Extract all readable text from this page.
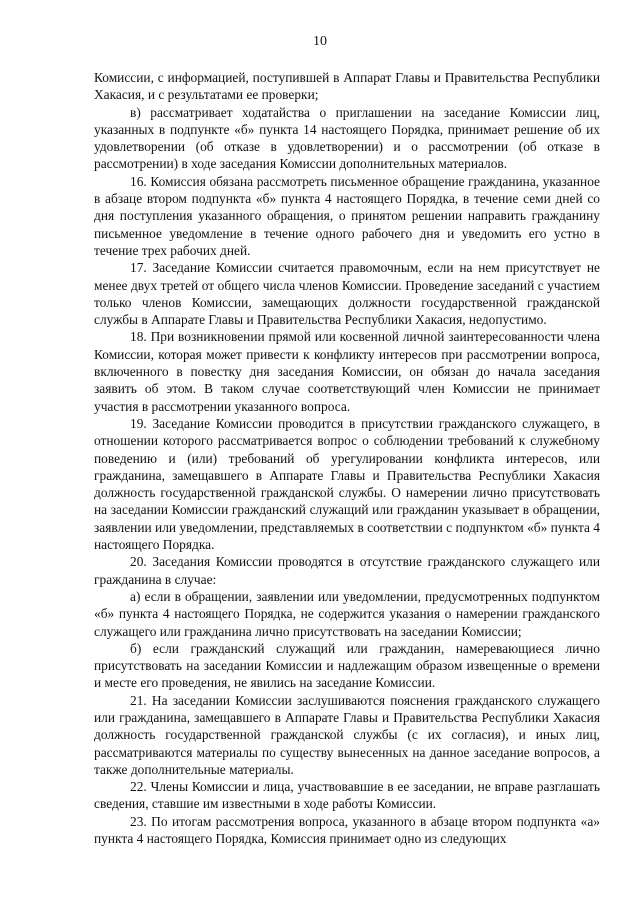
10

Комиссии, с информацией, поступившей в Аппарат Главы и Правительства Республики Хакасия, и с результатами ее проверки;

в) рассматривает ходатайства о приглашении на заседание Комиссии лиц, указанных в подпункте «б» пункта 14 настоящего Порядка, принимает решение об их удовлетворении (об отказе в удовлетворении) и о рассмотрении (об отказе в рассмотрении) в ходе заседания Комиссии дополнительных материалов.

16. Комиссия обязана рассмотреть письменное обращение гражданина, указанное в абзаце втором подпункта «б» пункта 4 настоящего Порядка, в течение семи дней со дня поступления указанного обращения, о принятом решении направить гражданину письменное уведомление в течение одного рабочего дня и уведомить его устно в течение трех рабочих дней.

17. Заседание Комиссии считается правомочным, если на нем присутствует не менее двух третей от общего числа членов Комиссии. Проведение заседаний с участием только членов Комиссии, замещающих должности государственной гражданской службы в Аппарате Главы и Правительства Республики Хакасия, недопустимо.

18. При возникновении прямой или косвенной личной заинтересованности члена Комиссии, которая может привести к конфликту интересов при рассмотрении вопроса, включенного в повестку дня заседания Комиссии, он обязан до начала заседания заявить об этом. В таком случае соответствующий член Комиссии не принимает участия в рассмотрении указанного вопроса.

19. Заседание Комиссии проводится в присутствии гражданского служащего, в отношении которого рассматривается вопрос о соблюдении требований к служебному поведению и (или) требований об урегулировании конфликта интересов, или гражданина, замещавшего в Аппарате Главы и Правительства Республики Хакасия должность государственной гражданской службы. О намерении лично присутствовать на заседании Комиссии гражданский служащий или гражданин указывает в обращении, заявлении или уведомлении, представляемых в соответствии с подпунктом «б» пункта 4 настоящего Порядка.

20. Заседания Комиссии проводятся в отсутствие гражданского служащего или гражданина в случае:

а) если в обращении, заявлении или уведомлении, предусмотренных подпунктом «б» пункта 4 настоящего Порядка, не содержится указания о намерении гражданского служащего или гражданина лично присутствовать на заседании Комиссии;

б) если гражданский служащий или гражданин, намеревающиеся лично присутствовать на заседании Комиссии и надлежащим образом извещенные о времени и месте его проведения, не явились на заседание Комиссии.

21. На заседании Комиссии заслушиваются пояснения гражданского служащего или гражданина, замещавшего в Аппарате Главы и Правительства Республики Хакасия должность государственной гражданской службы (с их согласия), и иных лиц, рассматриваются материалы по существу вынесенных на данное заседание вопросов, а также дополнительные материалы.

22. Члены Комиссии и лица, участвовавшие в ее заседании, не вправе разглашать сведения, ставшие им известными в ходе работы Комиссии.

23. По итогам рассмотрения вопроса, указанного в абзаце втором подпункта «а» пункта 4 настоящего Порядка, Комиссия принимает одно из следующих
